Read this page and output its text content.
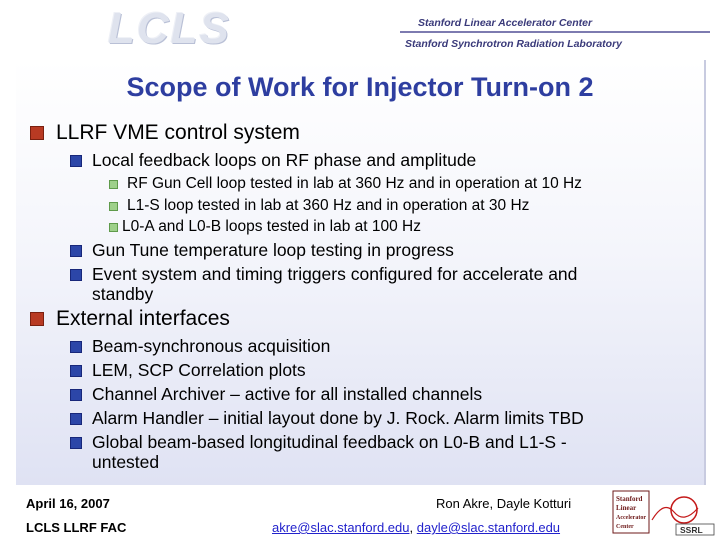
LCLS	Stanford Linear Accelerator Center
Stanford Synchrotron Radiation Laboratory
Scope of Work for Injector Turn-on 2
LLRF VME control system
Local feedback loops on RF phase and amplitude
RF Gun Cell loop tested in lab at 360 Hz and in operation at 10 Hz
L1-S loop tested in lab at 360 Hz and in operation at 30 Hz
L0-A and L0-B loops tested in lab at 100 Hz
Gun Tune temperature loop testing in progress
Event system and timing triggers configured for accelerate and
standby
External interfaces
Beam-synchronous acquisition
LEM, SCP Correlation plots
Channel Archiver – active for all installed channels
Alarm Handler – initial layout done by J. Rock. Alarm limits TBD
Global beam-based longitudinal feedback on L0-B and L1-S -
untested
April 16, 2007
LCLS LLRF FAC
Ron Akre, Dayle Kotturi
akre@slac.stanford.edu, dayle@slac.stanford.edu
Stanford
Linear
Accelerator
Center	SSRL
